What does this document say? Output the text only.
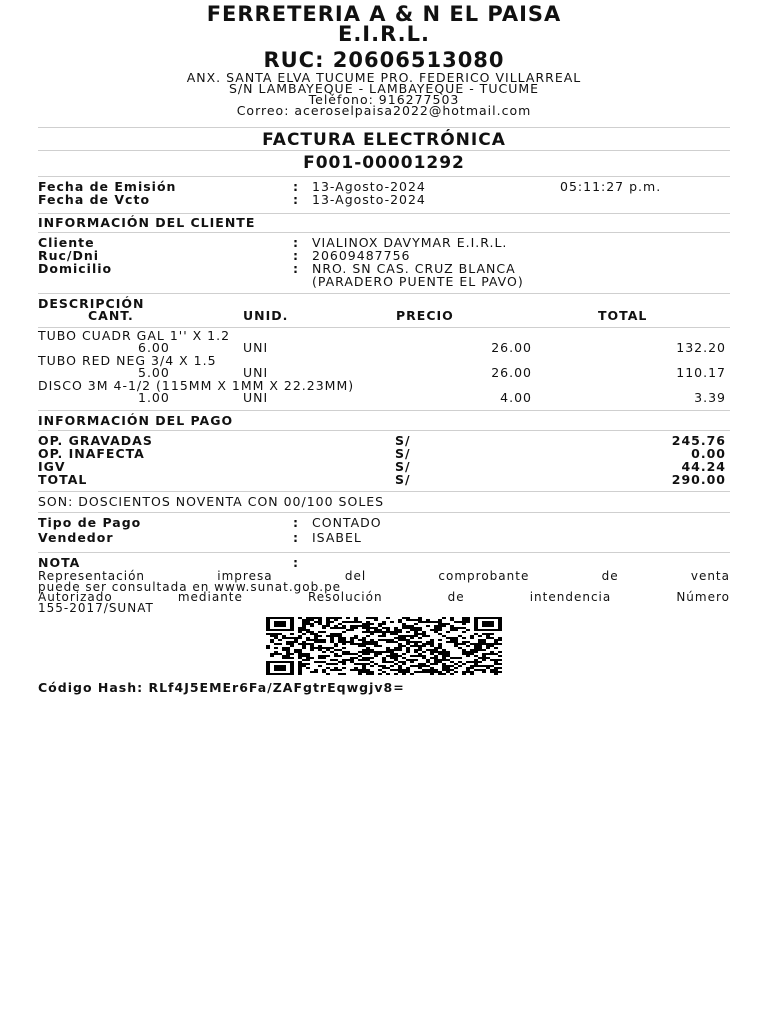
FERRETERIA A & N EL PAISA
E.I.R.L.
RUC: 20606513080
ANX. SANTA ELVA TUCUME PRO. FEDERICO VILLARREAL
S/N LAMBAYEQUE - LAMBAYEQUE - TUCUME
Teléfono: 916277503
Correo: aceroselpaisa2022@hotmail.com
FACTURA ELECTRÓNICA
F001-00001292
Fecha de Emisión	: 13-Agosto-2024	05:11:27 p.m.
Fecha de Vcto	: 13-Agosto-2024
INFORMACIÓN DEL CLIENTE
Cliente	: VIALINOX DAVYMAR E.I.R.L.
Ruc/Dni	: 20609487756
Domicilio	: NRO. SN CAS. CRUZ BLANCA
(PARADERO PUENTE EL PAVO)
DESCRIPCIÓN
CANT.	UNID.	PRECIO	TOTAL
TUBO CUADR GAL 1'' X 1.2
6.00	UNI	26.00	132.20
TUBO RED NEG 3/4 X 1.5
5.00	UNI	26.00	110.17
DISCO 3M 4-1/2 (115MM X 1MM X 22.23MM)
1.00	UNI	4.00	3.39
INFORMACIÓN DEL PAGO
OP. GRAVADAS	S/	245.76
OP. INAFECTA	S/	0.00
IGV	S/	44.24
TOTAL	S/	290.00
SON: DOSCIENTOS NOVENTA CON 00/100 SOLES
Tipo de Pago	: CONTADO
Vendedor	: ISABEL
NOTA	:
Representación impresa del comprobante de venta
puede ser consultada en www.sunat.gob.pe
Autorizado mediante Resolución de intendencia Número
155-2017/SUNAT
Código Hash: RLf4J5EMEr6Fa/ZAFgtrEqwgjv8=
